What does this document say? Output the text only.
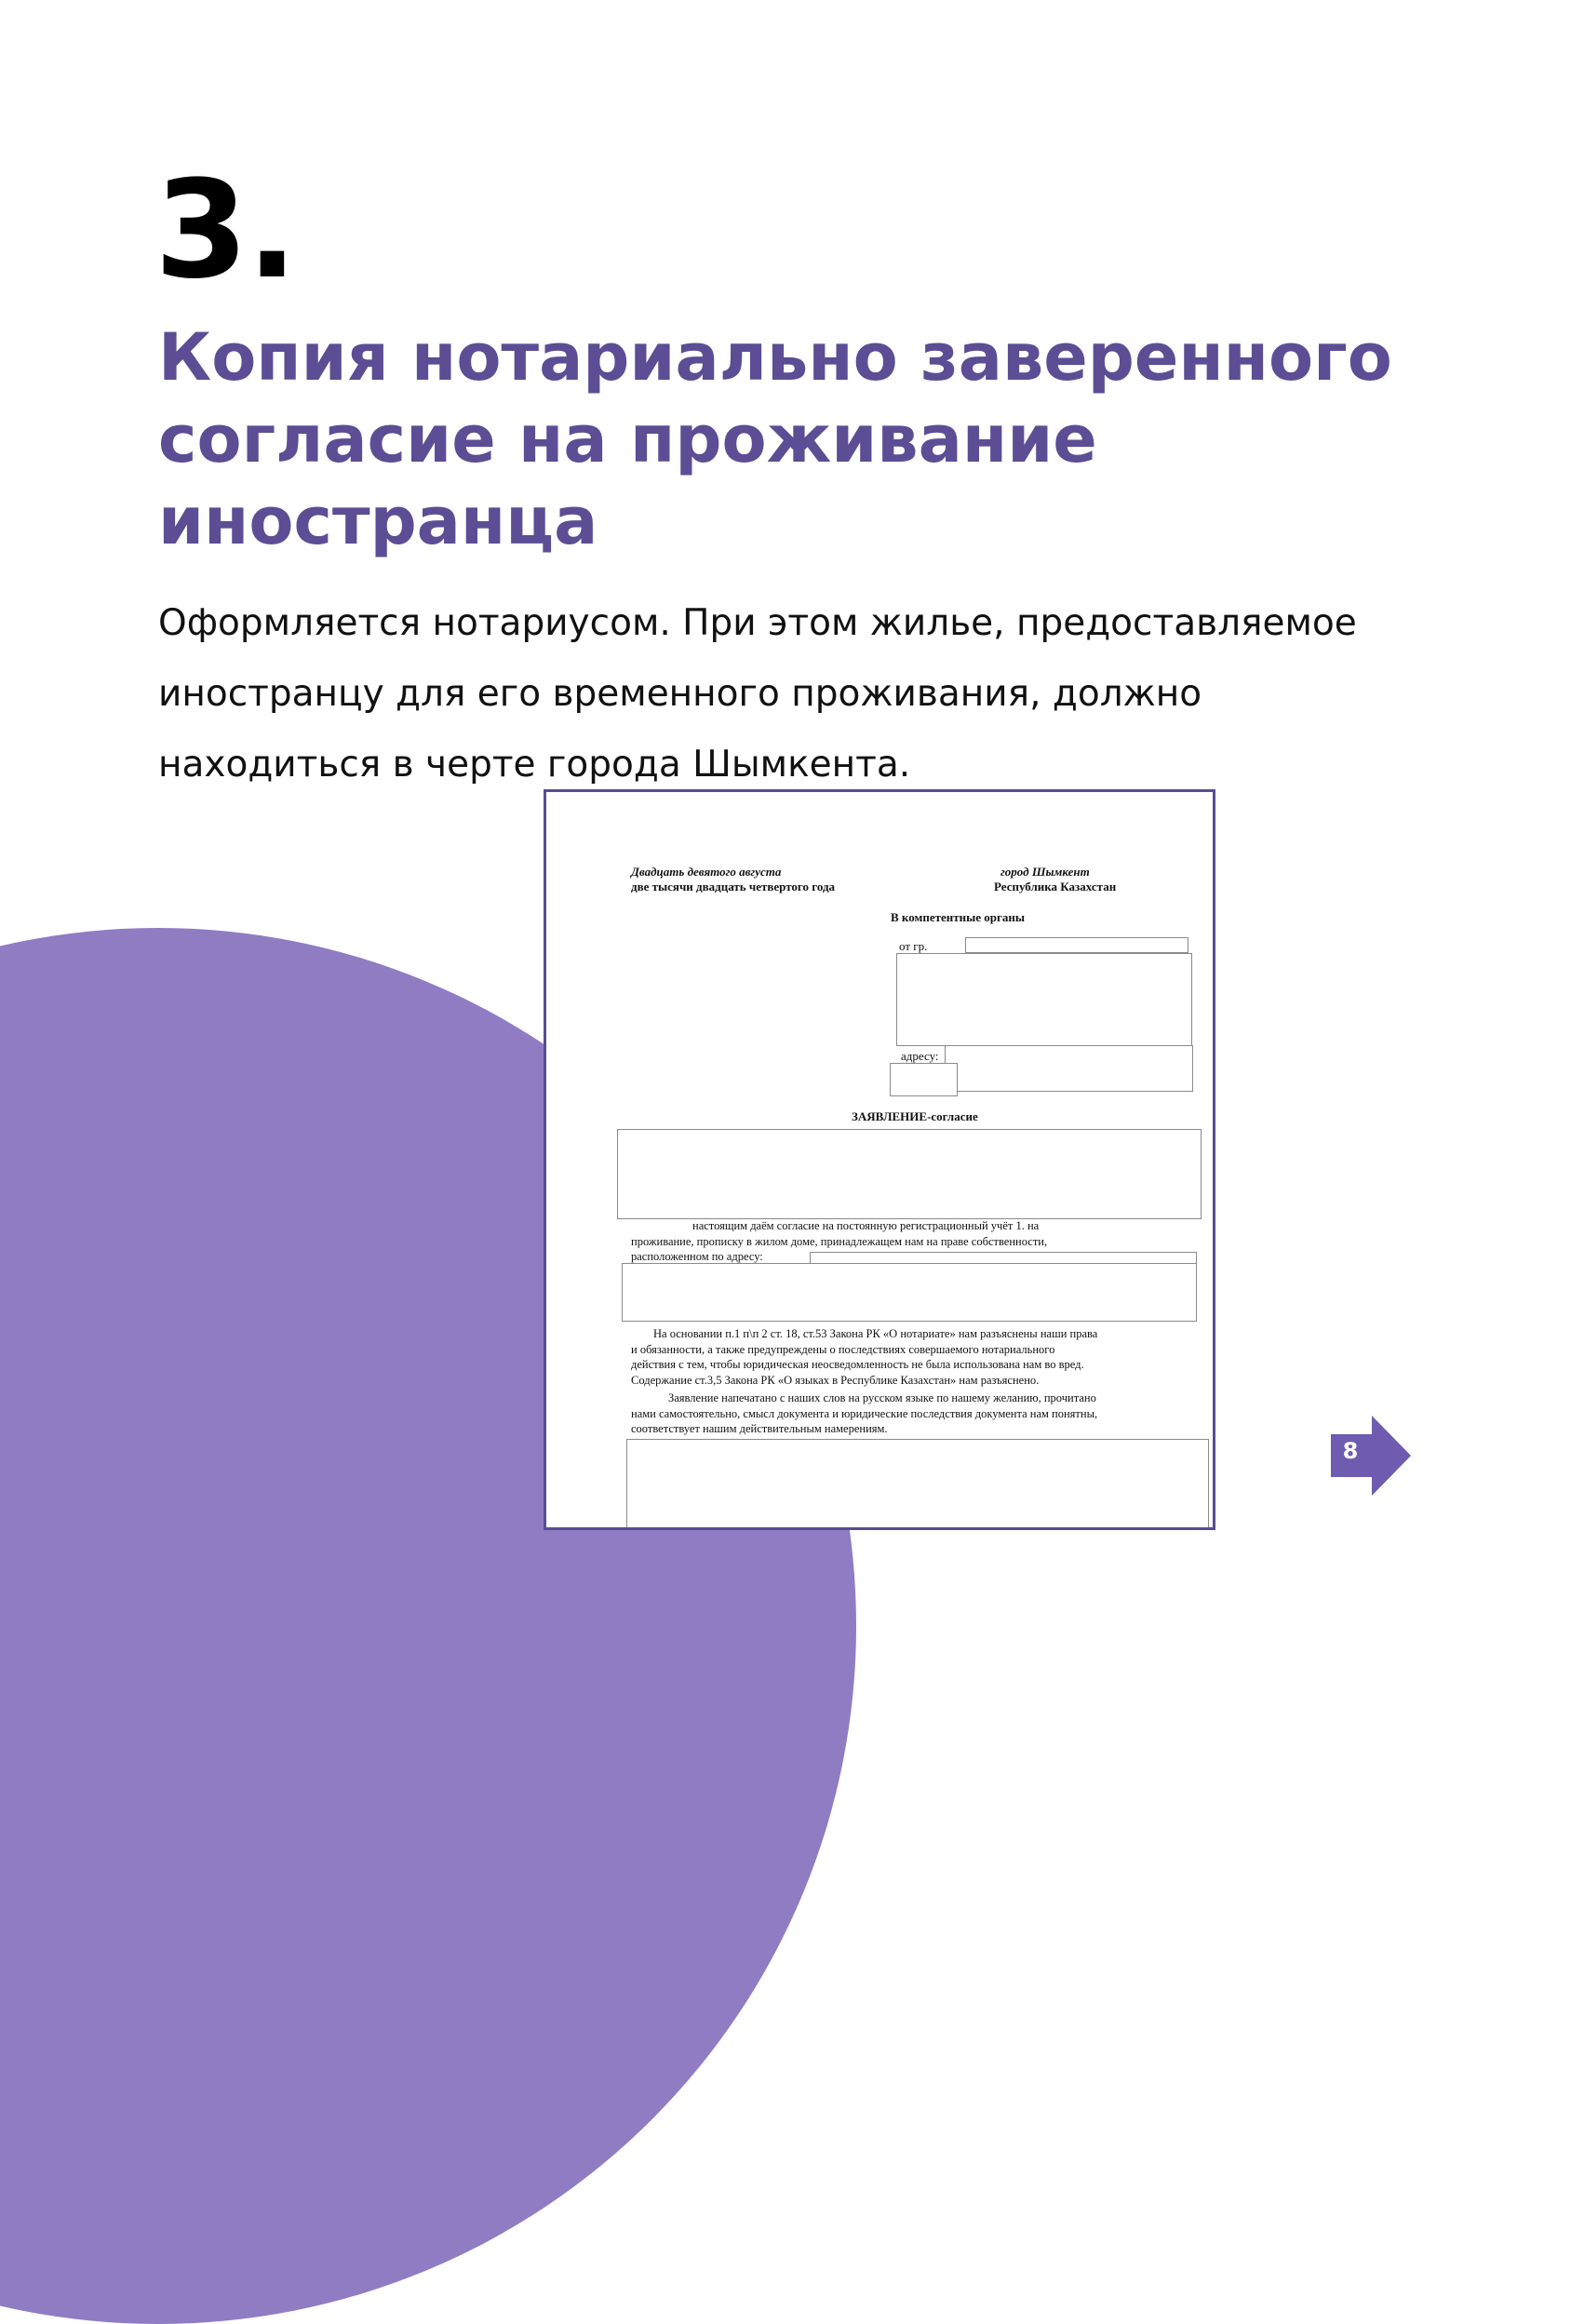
3.
Копия нотариально заверенного
согласие на проживание
иностранца
Оформляется нотариусом. При этом жилье, предоставляемое
иностранцу для его временного проживания, должно
находиться в черте города Шымкента.
Двадцать девятого августа
две тысячи двадцать четвертого года
город Шымкент
Республика Казахстан
В компетентные органы
от гр.
адресу:
ЗАЯВЛЕНИЕ-согласие
настоящим даём согласие на постоянную регистрационный учёт 1. на
проживание, прописку в жилом доме, принадлежащем нам на праве собственности,
расположенном по адресу:
На основании п.1 п\п 2 ст. 18, ст.53 Закона РК «О нотариате» нам разъяснены наши права
и обязанности, а также предупреждены о последствиях совершаемого нотариального
действия с тем, чтобы юридическая неосведомленность не была использована нам во вред.
Содержание ст.3,5 Закона РК «О языках в Республике Казахстан» нам разъяснено.
Заявление напечатано с наших слов на русском языке по нашему желанию, прочитано
нами самостоятельно, смысл документа и юридические последствия документа нам понятны,
соответствует нашим действительным намерениям.
8
